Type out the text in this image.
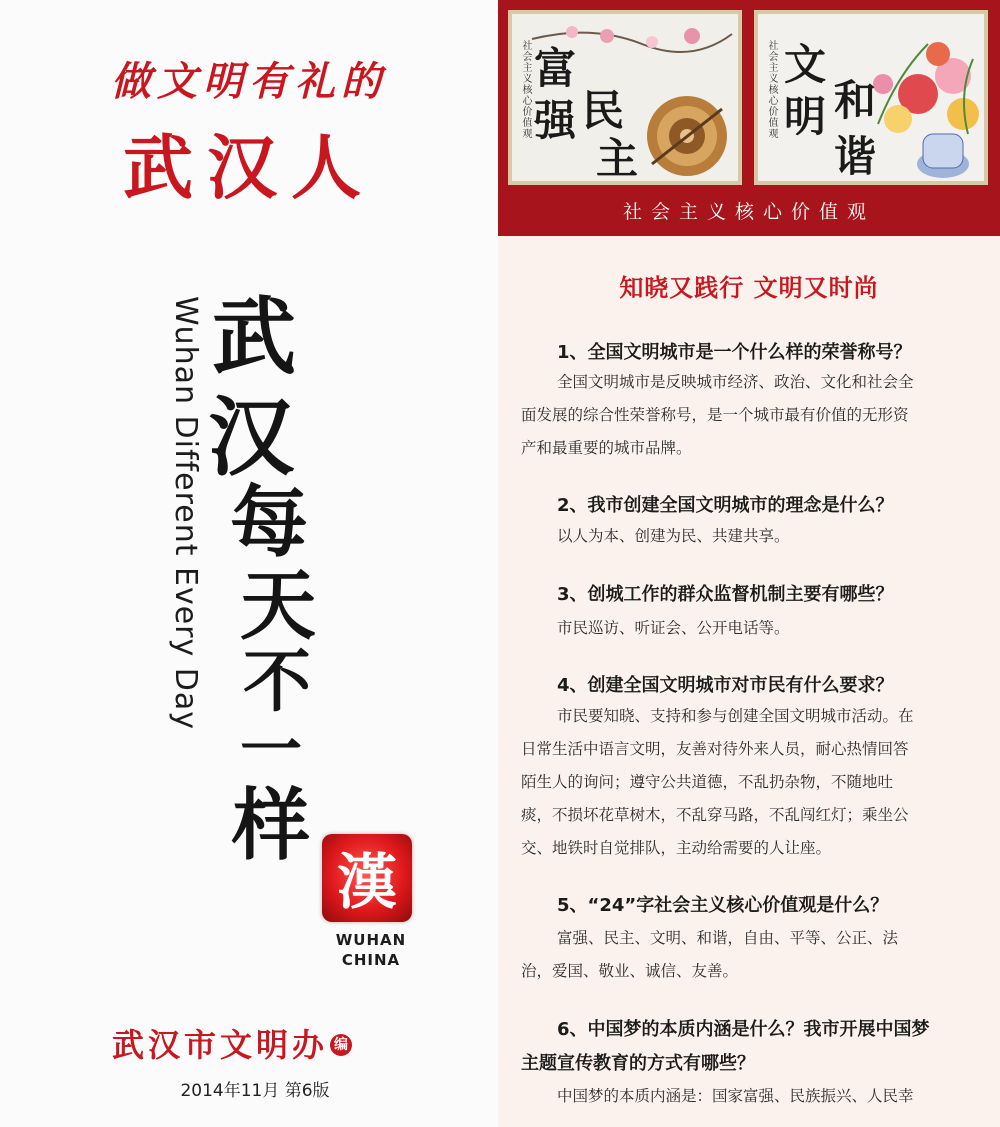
做文明有礼的
武汉人
Wuhan Different Every Day 武
汉
每
天
不
一
样
漢
WUHAN
CHINA
武汉市文明办 编
2014年11月 第6版
社会主义核心价值观 富
强 民
主
社会主义核心价值观 文
明 和
谐
社会主义核心价值观
知晓又践行 文明又时尚
1、全国文明城市是一个什么样的荣誉称号？
全国文明城市是反映城市经济、政治、文化和社会全
面发展的综合性荣誉称号，是一个城市最有价值的无形资
产和最重要的城市品牌。
2、我市创建全国文明城市的理念是什么？
以人为本、创建为民、共建共享。
3、创城工作的群众监督机制主要有哪些？
市民巡访、听证会、公开电话等。
4、创建全国文明城市对市民有什么要求？
市民要知晓、支持和参与创建全国文明城市活动。在
日常生活中语言文明，友善对待外来人员，耐心热情回答
陌生人的询问；遵守公共道德，不乱扔杂物，不随地吐
痰，不损坏花草树木，不乱穿马路，不乱闯红灯；乘坐公
交、地铁时自觉排队，主动给需要的人让座。
5、“24”字社会主义核心价值观是什么？
富强、民主、文明、和谐，自由、平等、公正、法
治，爱国、敬业、诚信、友善。
6、中国梦的本质内涵是什么？我市开展中国梦
主题宣传教育的方式有哪些？
中国梦的本质内涵是：国家富强、民族振兴、人民幸
